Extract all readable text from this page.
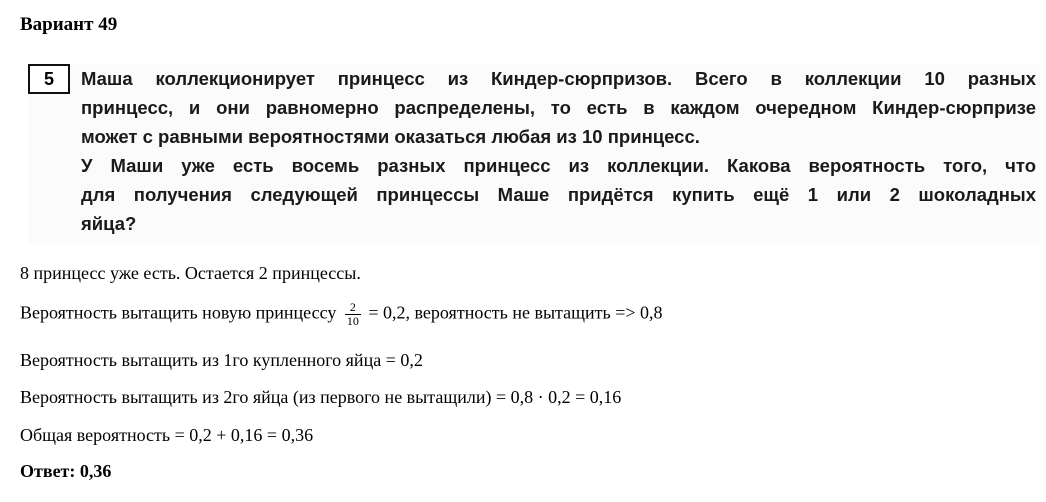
Вариант 49
5	Маша коллекционирует принцесс из Киндер-сюрпризов. Всего в коллекции 10 разных
принцесс, и они равномерно распределены, то есть в каждом очередном Киндер-сюрпризе
может с равными вероятностями оказаться любая из 10 принцесс.
У Маши уже есть восемь разных принцесс из коллекции. Какова вероятность того, что
для получения следующей принцессы Маше придётся купить ещё 1 или 2 шоколадных
яйца?
8 принцесс уже есть. Остается 2 принцессы.
Вероятность вытащить новую принцессу $\frac{2}{10} = 0,2$, вероятность не вытащить => 0,8
Вероятность вытащить из 1го купленного яйца = 0,2
Вероятность вытащить из 2го яйца (из первого не вытащили) = 0,8 · 0,2 = 0,16
Общая вероятность = 0,2 + 0,16 = 0,36
Ответ: 0,36
